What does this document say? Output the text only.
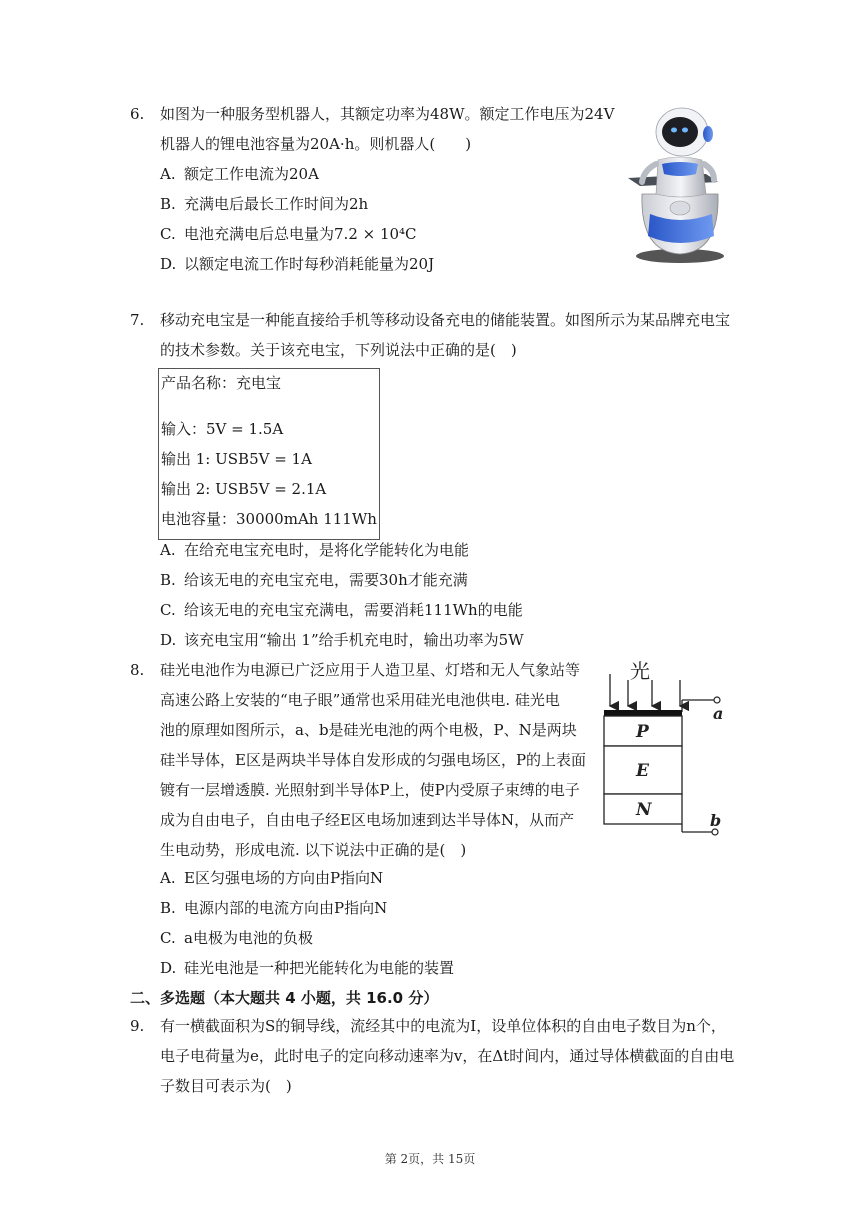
6. 如图为一种服务型机器人，其额定功率为48W。额定工作电压为24V
机器人的锂电池容量为20A·h。则机器人(　　)
A. 额定工作电流为20A
B. 充满电后最长工作时间为2h
C. 电池充满电后总电量为7.2 × 10⁴C
D. 以额定电流工作时每秒消耗能量为20J
7. 移动充电宝是一种能直接给手机等移动设备充电的储能装置。如图所示为某品牌充电宝
的技术参数。关于该充电宝，下列说法中正确的是(　)
产品名称：充电宝
输入：5V = 1.5A
输出 1: USB5V = 1A
输出 2: USB5V = 2.1A
电池容量：30000mAh 111Wh
A. 在给充电宝充电时，是将化学能转化为电能
B. 给该无电的充电宝充电，需要30h才能充满
C. 给该无电的充电宝充满电，需要消耗111Wh的电能
D. 该充电宝用“输出 1”给手机充电时，输出功率为5W
8. 硅光电池作为电源已广泛应用于人造卫星、灯塔和无人气象站等
高速公路上安装的“电子眼”通常也采用硅光电池供电. 硅光电
池的原理如图所示，a、b是硅光电池的两个电极，P、N是两块
硅半导体，E区是两块半导体自发形成的匀强电场区，P的上表面
镀有一层增透膜. 光照射到半导体P上，使P内受原子束缚的电子
成为自由电子，自由电子经E区电场加速到达半导体N，从而产
生电动势，形成电流. 以下说法中正确的是(　)
光
P
E
N
a
b
A. E区匀强电场的方向由P指向N
B. 电源内部的电流方向由P指向N
C. a电极为电池的负极
D. 硅光电池是一种把光能转化为电能的装置
二、多选题（本大题共 4 小题，共 16.0 分）
9. 有一横截面积为S的铜导线，流经其中的电流为I，设单位体积的自由电子数目为n个，
电子电荷量为e，此时电子的定向移动速率为v，在Δt时间内，通过导体横截面的自由电
子数目可表示为(　)
第 2页，共 15页
